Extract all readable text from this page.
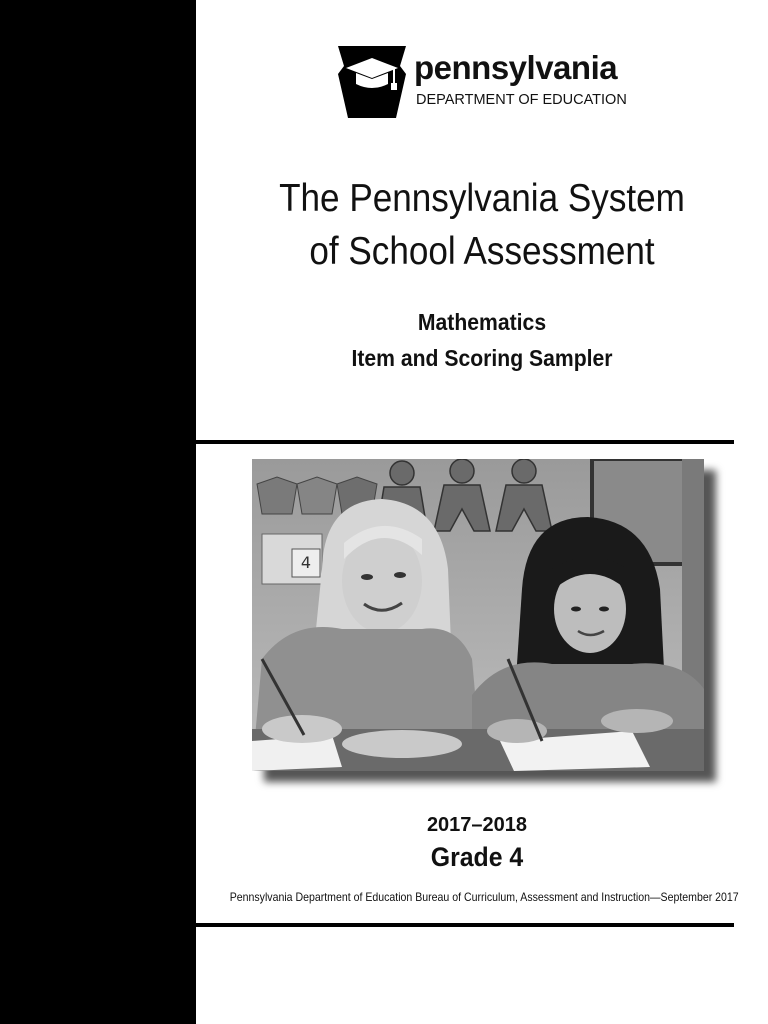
pennsylvania
DEPARTMENT OF EDUCATION
The Pennsylvania System
of School Assessment
Mathematics
Item and Scoring Sampler
4
2017–2018
Grade 4
Pennsylvania Department of Education Bureau of Curriculum, Assessment and Instruction—September 2017
